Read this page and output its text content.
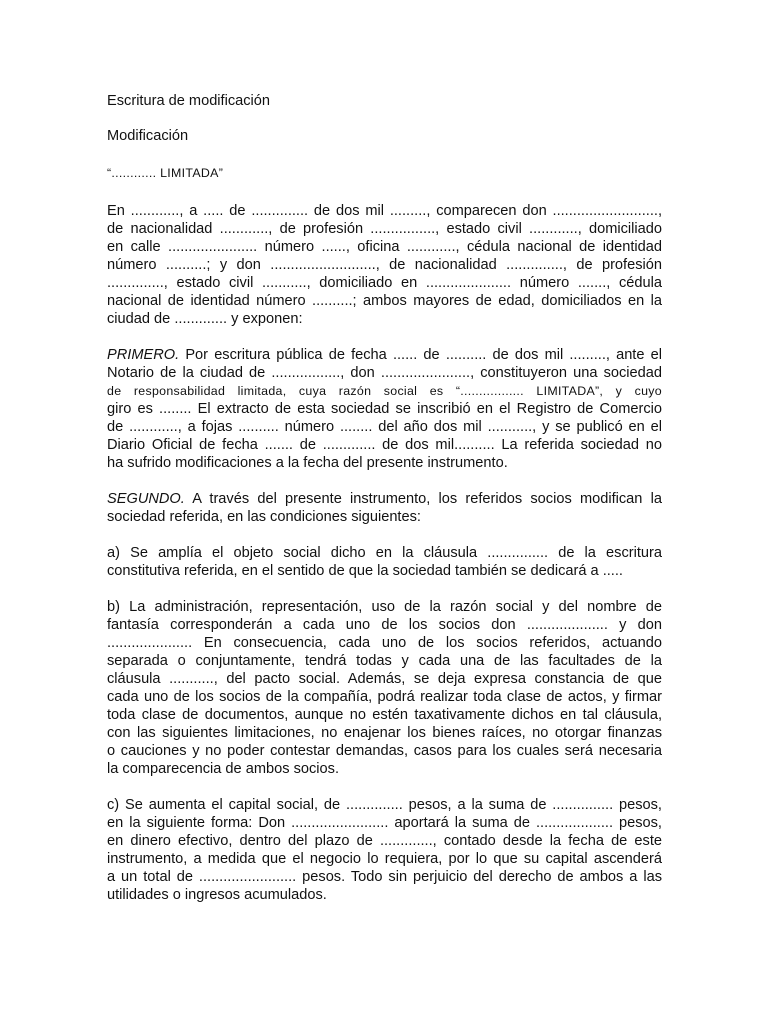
Escritura de modificación

Modificación

“............ LIMITADA”

En ............, a ..... de .............. de dos mil ........., comparecen don ..........................,
de nacionalidad ............, de profesión ................, estado civil ............, domiciliado
en calle ...................... número ......, oficina ............, cédula nacional de identidad
número ..........; y don .........................., de nacionalidad .............., de profesión
.............., estado civil ..........., domiciliado en ..................... número ......., cédula
nacional de identidad número ..........; ambos mayores de edad, domiciliados en la
ciudad de ............. y exponen:
PRIMERO. Por escritura pública de fecha ...... de .......... de dos mil ........., ante el
Notario de la ciudad de ................., don ......................, constituyeron una sociedad
de responsabilidad limitada, cuya razón social es “................. LIMITADA”, y cuyo
giro es ........ El extracto de esta sociedad se inscribió en el Registro de Comercio
de ............, a fojas .......... número ........ del año dos mil ..........., y se publicó en el
Diario Oficial de fecha ....... de ............. de dos mil.......... La referida sociedad no
ha sufrido modificaciones a la fecha del presente instrumento.
SEGUNDO. A través del presente instrumento, los referidos socios modifican la
sociedad referida, en las condiciones siguientes:
a) Se amplía el objeto social dicho en la cláusula ............... de la escritura
constitutiva referida, en el sentido de que la sociedad también se dedicará a .....
b) La administración, representación, uso de la razón social y del nombre de
fantasía corresponderán a cada uno de los socios don .................... y don
..................... En consecuencia, cada uno de los socios referidos, actuando
separada o conjuntamente, tendrá todas y cada una de las facultades de la
cláusula ..........., del pacto social. Además, se deja expresa constancia de que
cada uno de los socios de la compañía, podrá realizar toda clase de actos, y firmar
toda clase de documentos, aunque no estén taxativamente dichos en tal cláusula,
con las siguientes limitaciones, no enajenar los bienes raíces, no otorgar finanzas
o cauciones y no poder contestar demandas, casos para los cuales será necesaria
la comparecencia de ambos socios.
c) Se aumenta el capital social, de .............. pesos, a la suma de ............... pesos,
en la siguiente forma: Don ........................ aportará la suma de ................... pesos,
en dinero efectivo, dentro del plazo de ............., contado desde la fecha de este
instrumento, a medida que el negocio lo requiera, por lo que su capital ascenderá
a un total de ........................ pesos. Todo sin perjuicio del derecho de ambos a las
utilidades o ingresos acumulados.
